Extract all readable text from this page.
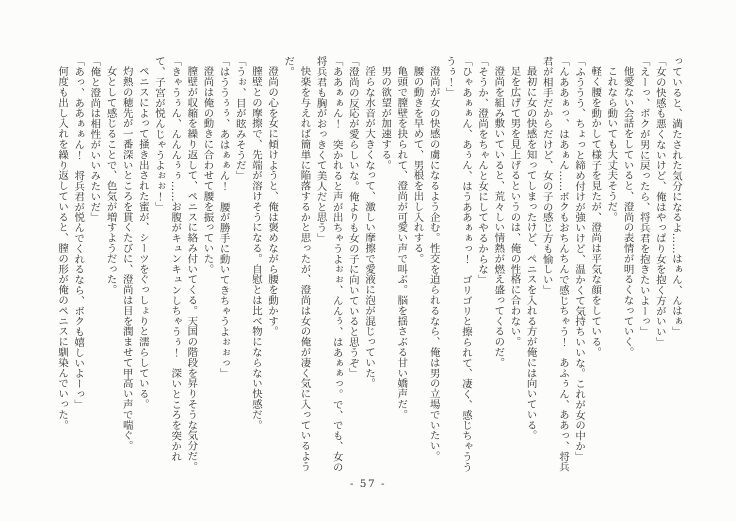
っていると、満たされた気分になるよ……はぁん、んはぁ」

「女の快感も悪くないけど、俺はやっぱり女を抱く方がいい」

「えーっ、ボクが男に戻ったら、将兵君を抱きたいよーっ」

他愛ない会話をしていると、澄尚の表情が明るくなっていく。

これなら動いても大丈夫そうだ。

軽く腰を動かして様子を見たが、澄尚は平気な顔をしている。

「ふううう、ちょっと締め付けが強いけど、温かくて気持ちいいな。これが女の中か」

「んああぁっ、はあぁん……ボクもおちんちんで感じちゃう！　あふぅん、ああっ、将兵君が相手だからだけど、女の子の感じ方も愉しい」

最初に女の快感を知ってしまったけど、ペニスを入れる方が俺には向いている。

足を広げて男を見上げるというのは、俺の性格に合わない。

澄尚を組み敷いていると、荒々しい情熱が燃え盛ってくるのだ。

「そうか、澄尚をちゃんと女にしてやるからな」

「ひゃあぁぁん、あぅん、はうああぁぁっ！　ゴリゴリと擦られて、凄く、感じちゃうううぅ！」

澄尚が女の快感の虜になるよう企む。性交を迫られるなら、俺は男の立場でいたい。

腰の動きを早めて、男根を出し入れする。

亀頭で膣壁を抉られて、澄尚が可愛い声で叫ぶ。脳を揺さぶる甘い嬌声だ。

男の欲望が加速する。

淫らな水音が大きくなって、激しい摩擦で愛液に泡が混じっていた。

「澄尚の反応が愛らしいな。俺よりも女の子に向いていると思うぞ」

「ああぁぁん！　突かれると声が出ちゃうよぉぉ、んんぅ、はあぁぁっ。で、でも、女の将兵君も胸がおっきくて美人だと思う」

快楽を与えれば簡単に陥落するかと思ったが、澄尚は女の俺が凄く気に入っているようだ。

澄尚の心を女に傾けようと、俺は褒めながら腰を動かす。

膣壁との摩擦で、先端が溶けそうになる。自慰とは比べ物にならない快感だ。

「うぉ、目が眩みそうだ」

「はううぅぅ、あはぁぁん！　腰が勝手に動いてきちゃうよぉぉっ」

澄尚は俺の動きに合わせて腰を振っていた。

膣壁が収縮を繰り返して、ペニスに絡み付いてくる。天国の階段を昇りそうな気分だ。

「きゃうぅん、んんんぅぅ……お腹がキュンキュンしちゃうぅ！　深いところを突かれて、子宮が悦んじゃうよぉぉ！」

ペニスによって掻き出された蜜が、シーツをぐっしょりと濡らしている。

灼熱の穂先が一番深いところを貫くたびに、澄尚は目を潤ませて甲高い声で喘ぐ。

女として感じることで、色気が増すようだった。

「俺と澄尚は相性がいいみたいだ」

「あっ、ああぁぁん！　将兵君が悦んでくれるなら、ボクも嬉しいよーっ」

何度も出し入れを繰り返していると、膣の形が俺のペニスに馴染んでいった。

- 57 -
